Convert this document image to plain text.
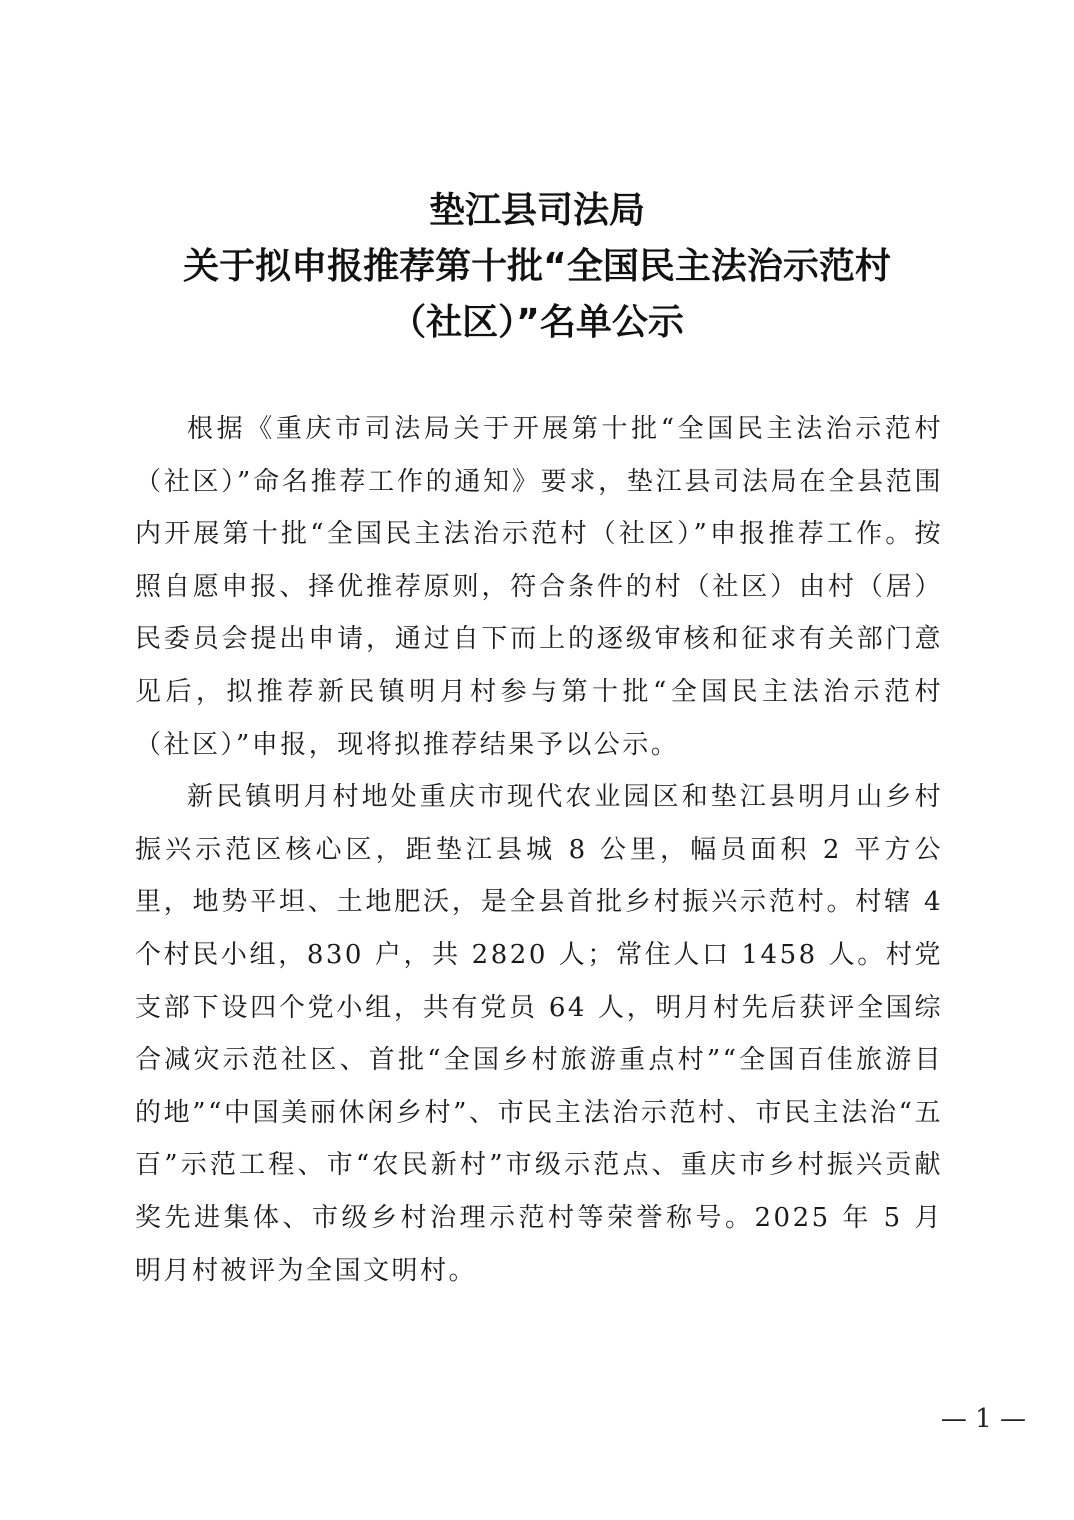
垫江县司法局
关于拟申报推荐第十批“全国民主法治示范村
（社区）”名单公示

根据《重庆市司法局关于开展第十批“全国民主法治示范村（社区）”命名推荐工作的通知》要求，垫江县司法局在全县范围内开展第十批“全国民主法治示范村（社区）”申报推荐工作。按照自愿申报、择优推荐原则，符合条件的村（社区）由村（居）民委员会提出申请，通过自下而上的逐级审核和征求有关部门意见后，拟推荐新民镇明月村参与第十批“全国民主法治示范村（社区）”申报，现将拟推荐结果予以公示。

新民镇明月村地处重庆市现代农业园区和垫江县明月山乡村振兴示范区核心区，距垫江县城 8 公里，幅员面积 2 平方公里，地势平坦、土地肥沃，是全县首批乡村振兴示范村。村辖 4 个村民小组，830 户，共 2820 人；常住人口 1458 人。村党支部下设四个党小组，共有党员 64 人，明月村先后获评全国综合减灾示范社区、首批“全国乡村旅游重点村”“全国百佳旅游目的地”“中国美丽休闲乡村”、市民主法治示范村、市民主法治“五百”示范工程、市“农民新村”市级示范点、重庆市乡村振兴贡献奖先进集体、市级乡村治理示范村等荣誉称号。2025 年 5 月明月村被评为全国文明村。

— 1 —
